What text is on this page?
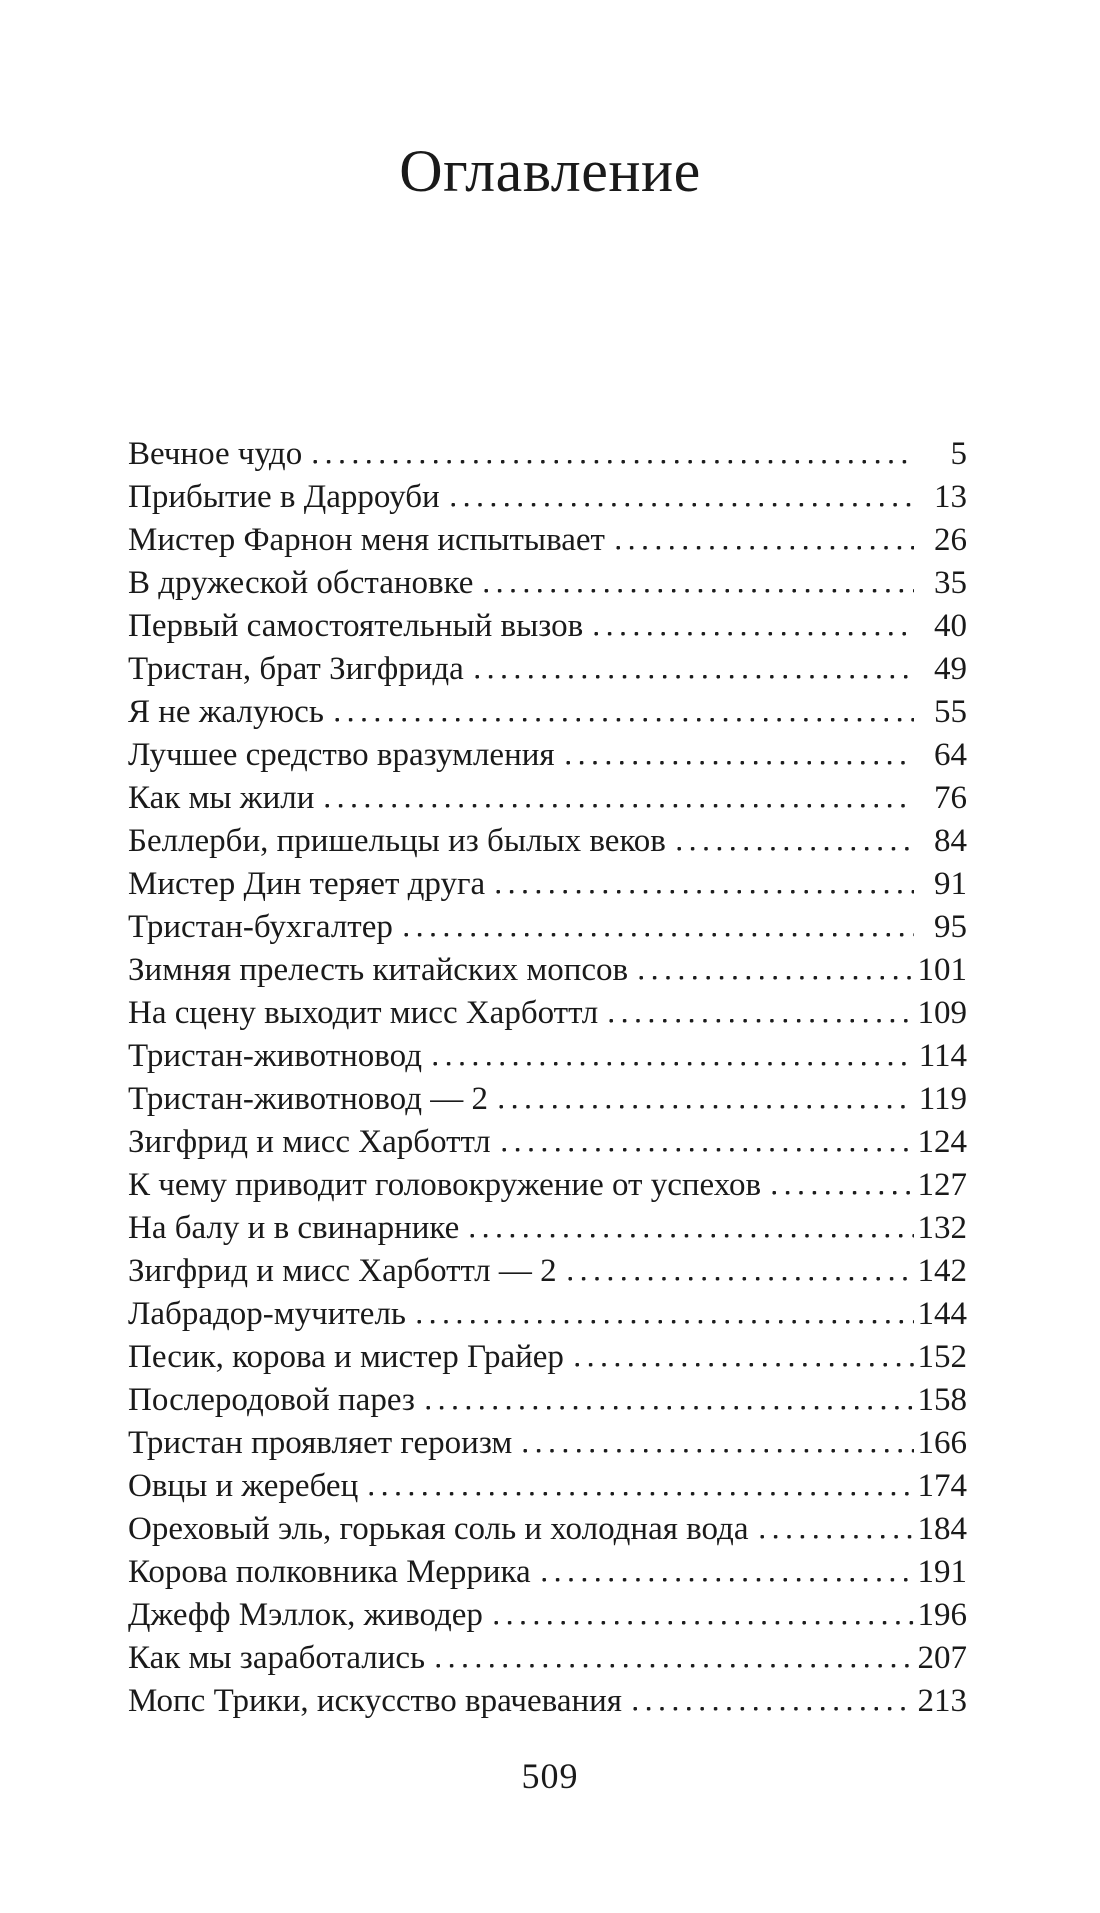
Оглавление
Вечное чудо	5
Прибытие в Дарроуби	13
Мистер Фарнон меня испытывает	26
В дружеской обстановке	35
Первый самостоятельный вызов	40
Тристан, брат Зигфрида	49
Я не жалуюсь	55
Лучшее средство вразумления	64
Как мы жили	76
Беллерби, пришельцы из былых веков	84
Мистер Дин теряет друга	91
Тристан-бухгалтер	95
Зимняя прелесть китайских мопсов	101
На сцену выходит мисс Харботтл	109
Тристан-животновод	114
Тристан-животновод — 2	119
Зигфрид и мисс Харботтл	124
К чему приводит головокружение от успехов	127
На балу и в свинарнике	132
Зигфрид и мисс Харботтл — 2	142
Лабрадор-мучитель	144
Песик, корова и мистер Грайер	152
Послеродовой парез	158
Тристан проявляет героизм	166
Овцы и жеребец	174
Ореховый эль, горькая соль и холодная вода	184
Корова полковника Меррика	191
Джефф Мэллок, живодер	196
Как мы заработались	207
Мопс Трики, искусство врачевания	213
509
